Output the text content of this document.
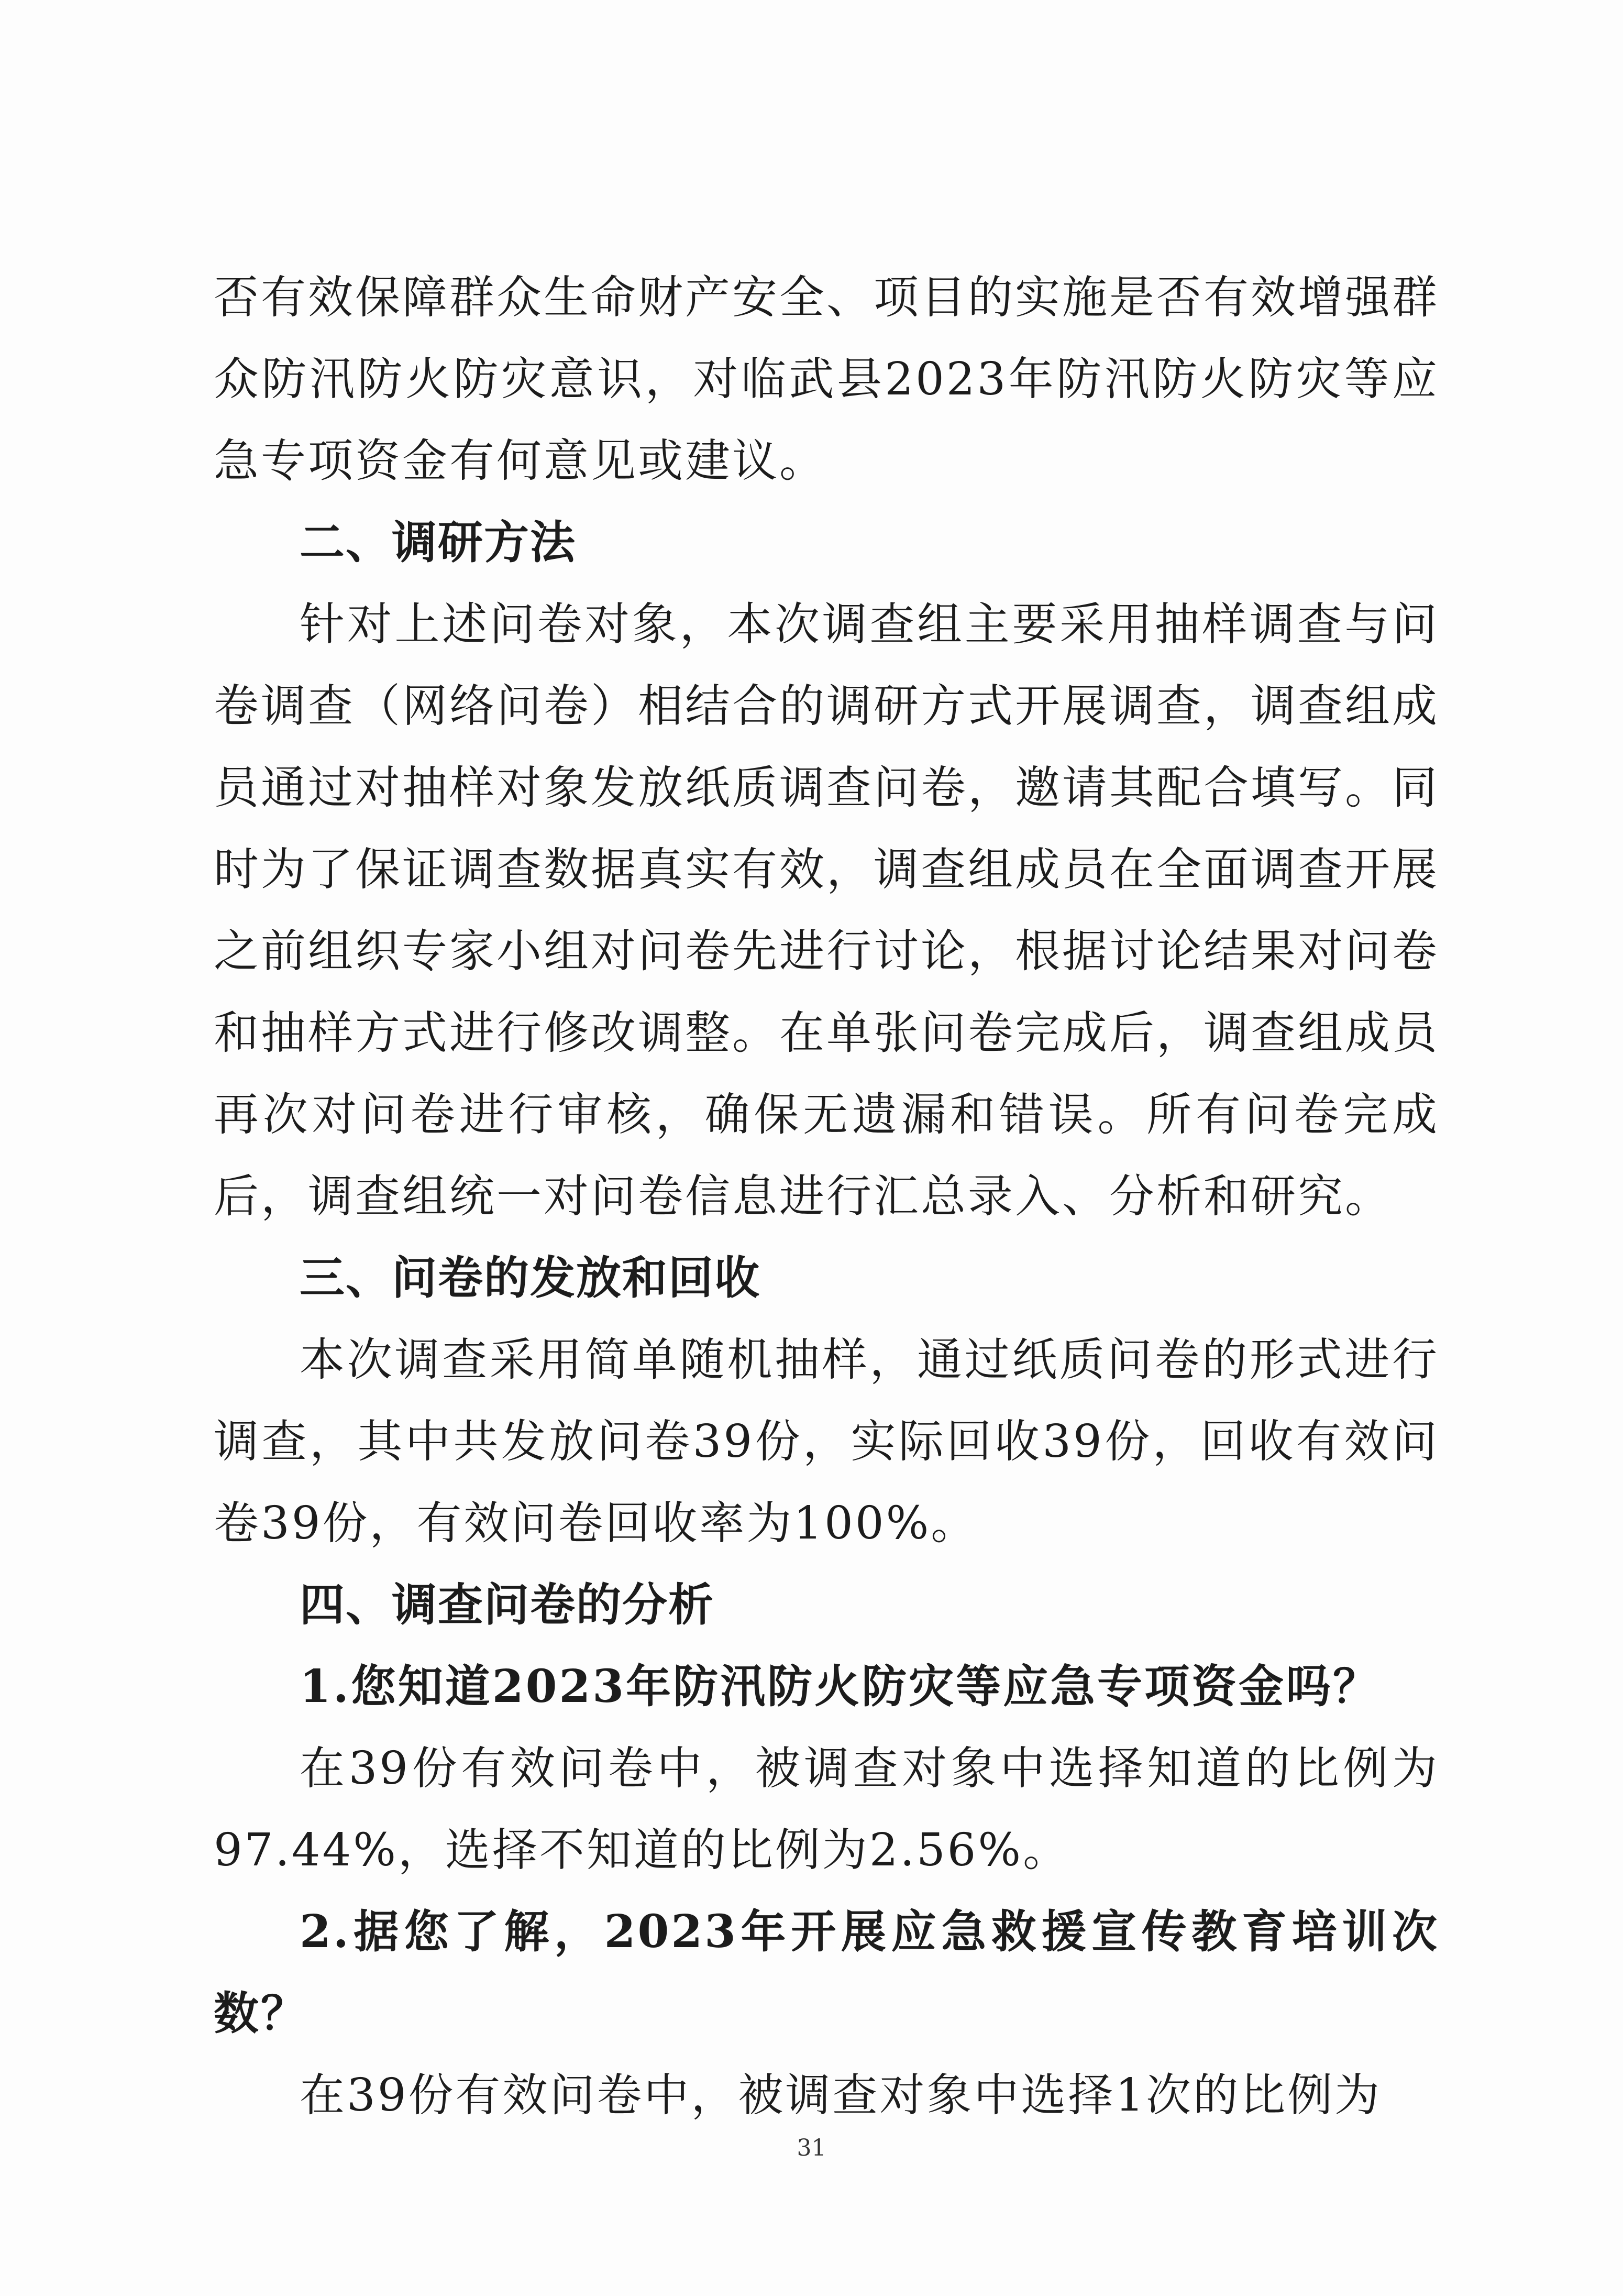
否有效保障群众生命财产安全、项目的实施是否有效增强群众防汛防火防灾意识，对临武县2023年防汛防火防灾等应急专项资金有何意见或建议。

二、调研方法

针对上述问卷对象，本次调查组主要采用抽样调查与问卷调查（网络问卷）相结合的调研方式开展调查，调查组成员通过对抽样对象发放纸质调查问卷，邀请其配合填写。同时为了保证调查数据真实有效，调查组成员在全面调查开展之前组织专家小组对问卷先进行讨论，根据讨论结果对问卷和抽样方式进行修改调整。在单张问卷完成后，调查组成员再次对问卷进行审核，确保无遗漏和错误。所有问卷完成后，调查组统一对问卷信息进行汇总录入、分析和研究。

三、问卷的发放和回收

本次调查采用简单随机抽样，通过纸质问卷的形式进行调查，其中共发放问卷39份，实际回收39份，回收有效问卷39份，有效问卷回收率为100%。

四、调查问卷的分析

1.您知道2023年防汛防火防灾等应急专项资金吗？

在39份有效问卷中，被调查对象中选择知道的比例为97.44%，选择不知道的比例为2.56%。

2.据您了解，2023年开展应急救援宣传教育培训次数？

在39份有效问卷中，被调查对象中选择1次的比例为

31
